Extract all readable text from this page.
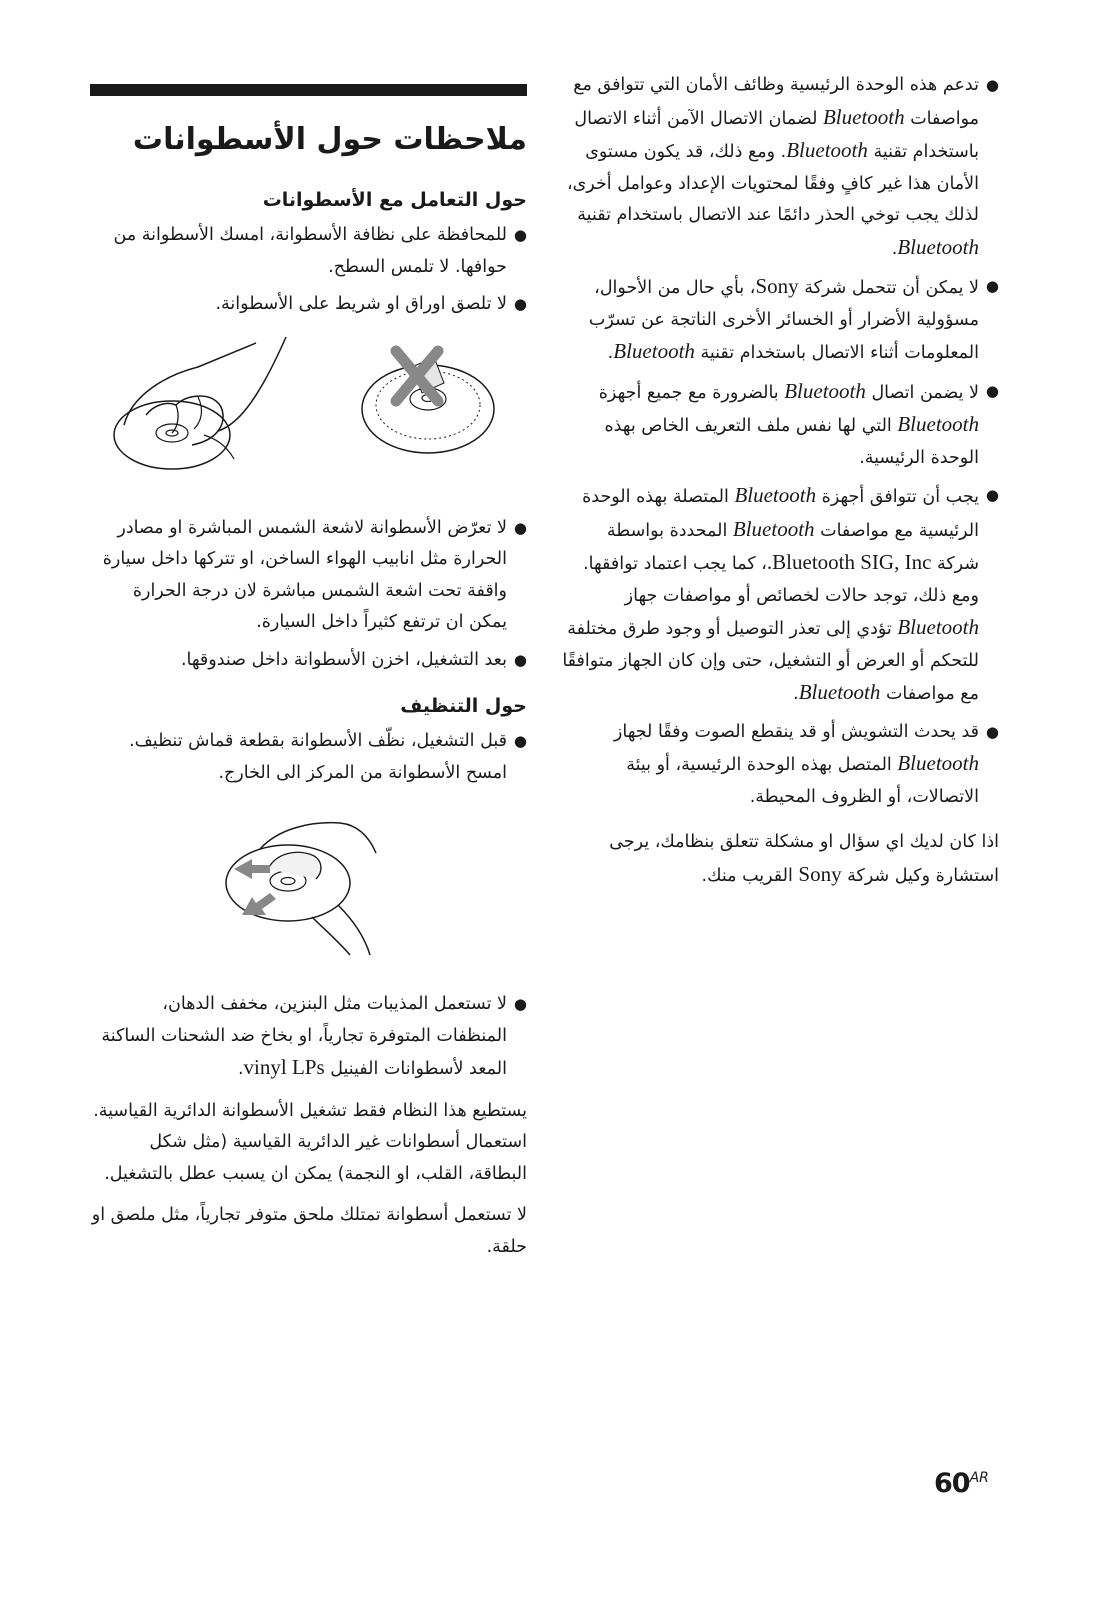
●
تدعم هذه الوحدة الرئيسية وظائف الأمان التي تتوافق مع مواصفات Bluetooth لضمان الاتصال الآمن أثناء الاتصال باستخدام تقنية Bluetooth. ومع ذلك، قد يكون مستوى الأمان هذا غير كافٍ وفقًا لمحتويات الإعداد وعوامل أخرى، لذلك يجب توخي الحذر دائمًا عند الاتصال باستخدام تقنية Bluetooth.
●
لا يمكن أن تتحمل شركة Sony، بأي حال من الأحوال، مسؤولية الأضرار أو الخسائر الأخرى الناتجة عن تسرّب المعلومات أثناء الاتصال باستخدام تقنية Bluetooth.
●
لا يضمن اتصال Bluetooth بالضرورة مع جميع أجهزة Bluetooth التي لها نفس ملف التعريف الخاص بهذه الوحدة الرئيسية.
●
يجب أن تتوافق أجهزة Bluetooth المتصلة بهذه الوحدة الرئيسية مع مواصفات Bluetooth المحددة بواسطة شركة Bluetooth SIG, Inc.، كما يجب اعتماد توافقها. ومع ذلك، توجد حالات لخصائص أو مواصفات جهاز Bluetooth تؤدي إلى تعذر التوصيل أو وجود طرق مختلفة للتحكم أو العرض أو التشغيل، حتى وإن كان الجهاز متوافقًا مع مواصفات Bluetooth.
●
قد يحدث التشويش أو قد ينقطع الصوت وفقًا لجهاز Bluetooth المتصل بهذه الوحدة الرئيسية، أو بيئة الاتصالات، أو الظروف المحيطة.
اذا كان لديك اي سؤال او مشكلة تتعلق بنظامك، يرجى استشارة وكيل شركة Sony القريب منك.
ملاحظات حول الأسطوانات
حول التعامل مع الأسطوانات
●
للمحافظة على نظافة الأسطوانة، امسك الأسطوانة من حوافها. لا تلمس السطح.
●
لا تلصق اوراق او شريط على الأسطوانة.
●
لا تعرّض الأسطوانة لاشعة الشمس المباشرة او مصادر الحرارة مثل انابيب الهواء الساخن، او تتركها داخل سيارة واقفة تحت اشعة الشمس مباشرة لان درجة الحرارة يمكن ان ترتفع كثيراً داخل السيارة.
●
بعد التشغيل، اخزن الأسطوانة داخل صندوقها.
حول التنظيف
●
قبل التشغيل، نظّف الأسطوانة بقطعة قماش تنظيف. امسح الأسطوانة من المركز الى الخارج.
●
لا تستعمل المذيبات مثل البنزين، مخفف الدهان، المنظفات المتوفرة تجارياً، او بخاخ ضد الشحنات الساكنة المعد لأسطوانات الفينيل vinyl LPs.
يستطيع هذا النظام فقط تشغيل الأسطوانة الدائرية القياسية. استعمال أسطوانات غير الدائرية القياسية (مثل شكل البطاقة، القلب، او النجمة) يمكن ان يسبب عطل بالتشغيل.
لا تستعمل أسطوانة تمتلك ملحق متوفر تجارياً، مثل ملصق او حلقة.
$60^{AR}$
